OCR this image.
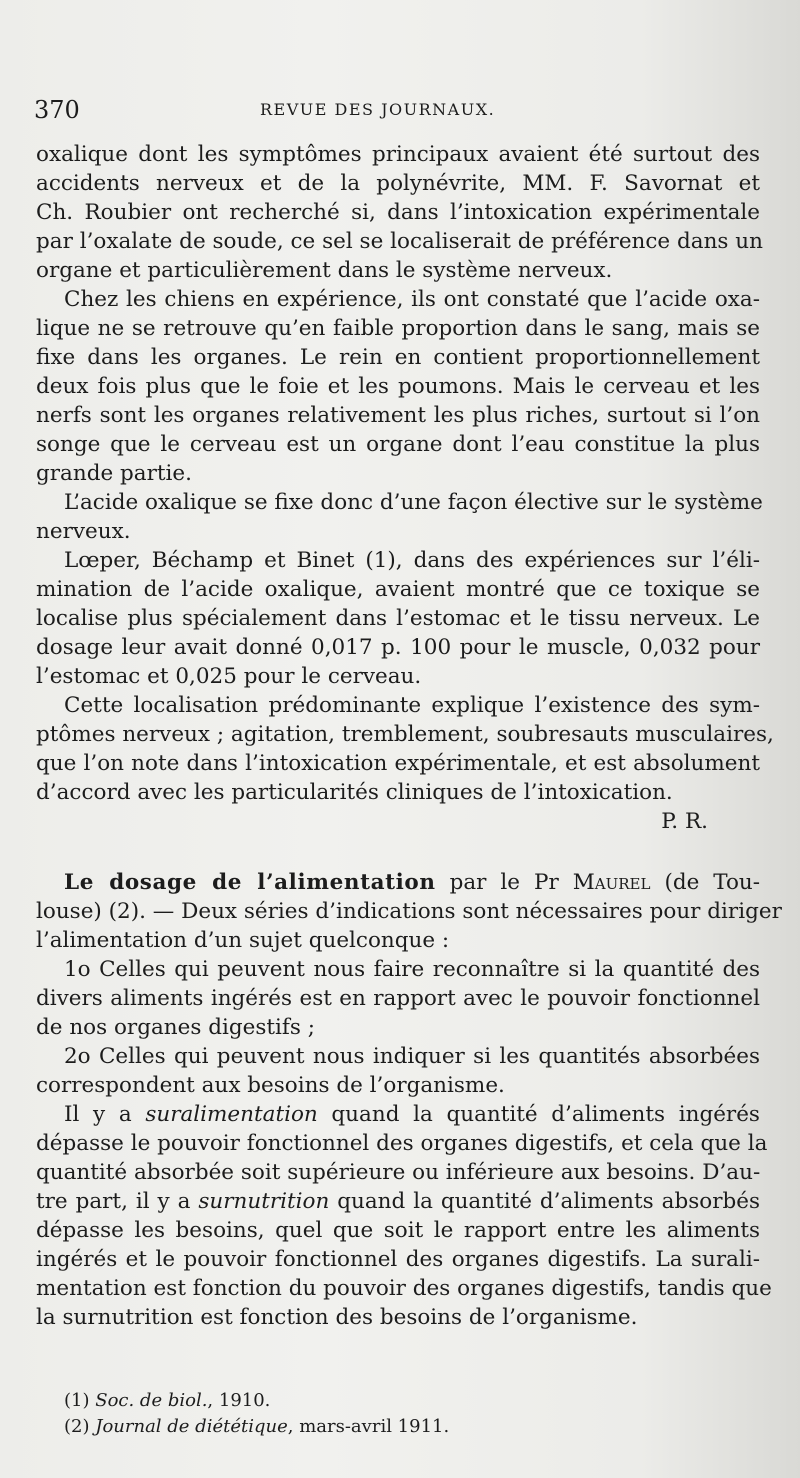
370	REVUE DES JOURNAUX.
oxalique dont les symptômes principaux avaient été surtout des
accidents nerveux et de la polynévrite, MM. F. Savornat et
Ch. Roubier ont recherché si, dans l’intoxication expérimentale
par l’oxalate de soude, ce sel se localiserait de préférence dans un
organe et particulièrement dans le système nerveux.
Chez les chiens en expérience, ils ont constaté que l’acide oxa-
lique ne se retrouve qu’en faible proportion dans le sang, mais se
fixe dans les organes. Le rein en contient proportionnellement
deux fois plus que le foie et les poumons. Mais le cerveau et les
nerfs sont les organes relativement les plus riches, surtout si l’on
songe que le cerveau est un organe dont l’eau constitue la plus
grande partie.
L’acide oxalique se fixe donc d’une façon élective sur le système
nerveux.
Lœper, Béchamp et Binet (1), dans des expériences sur l’éli-
mination de l’acide oxalique, avaient montré que ce toxique se
localise plus spécialement dans l’estomac et le tissu nerveux. Le
dosage leur avait donné 0,017 p. 100 pour le muscle, 0,032 pour
l’estomac et 0,025 pour le cerveau.
Cette localisation prédominante explique l’existence des sym-
ptômes nerveux ; agitation, tremblement, soubresauts musculaires,
que l’on note dans l’intoxication expérimentale, et est absolument
d’accord avec les particularités cliniques de l’intoxication.
P. R.
Le dosage de l’alimentation par le Pr Maurel (de Tou-
louse) (2). — Deux séries d’indications sont nécessaires pour diriger
l’alimentation d’un sujet quelconque :
1o Celles qui peuvent nous faire reconnaître si la quantité des
divers aliments ingérés est en rapport avec le pouvoir fonctionnel
de nos organes digestifs ;
2o Celles qui peuvent nous indiquer si les quantités absorbées
correspondent aux besoins de l’organisme.
Il y a suralimentation quand la quantité d’aliments ingérés
dépasse le pouvoir fonctionnel des organes digestifs, et cela que la
quantité absorbée soit supérieure ou inférieure aux besoins. D’au-
tre part, il y a surnutrition quand la quantité d’aliments absorbés
dépasse les besoins, quel que soit le rapport entre les aliments
ingérés et le pouvoir fonctionnel des organes digestifs. La surali-
mentation est fonction du pouvoir des organes digestifs, tandis que
la surnutrition est fonction des besoins de l’organisme.
(1) Soc. de biol., 1910.
(2) Journal de diététique, mars-avril 1911.
